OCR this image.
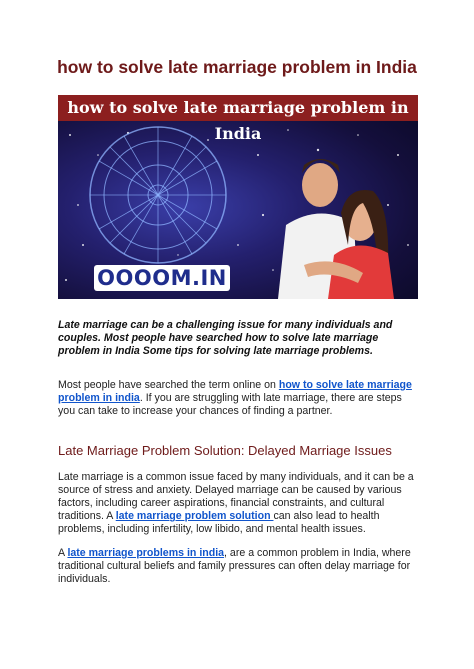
how to solve late marriage problem in India
how to solve late marriage problem in India
OOOOM.IN

Late marriage can be a challenging issue for many individuals and couples. Most people have searched how to solve late marriage problem in India Some tips for solving late marriage problems.

Most people have searched the term online on how to solve late marriage problem in india. If you are struggling with late marriage, there are steps you can take to increase your chances of finding a partner.

Late Marriage Problem Solution: Delayed Marriage Issues

Late marriage is a common issue faced by many individuals, and it can be a source of stress and anxiety. Delayed marriage can be caused by various factors, including career aspirations, financial constraints, and cultural traditions. A late marriage problem solution can also lead to health problems, including infertility, low libido, and mental health issues.

A late marriage problems in india, are a common problem in India, where traditional cultural beliefs and family pressures can often delay marriage for individuals.
